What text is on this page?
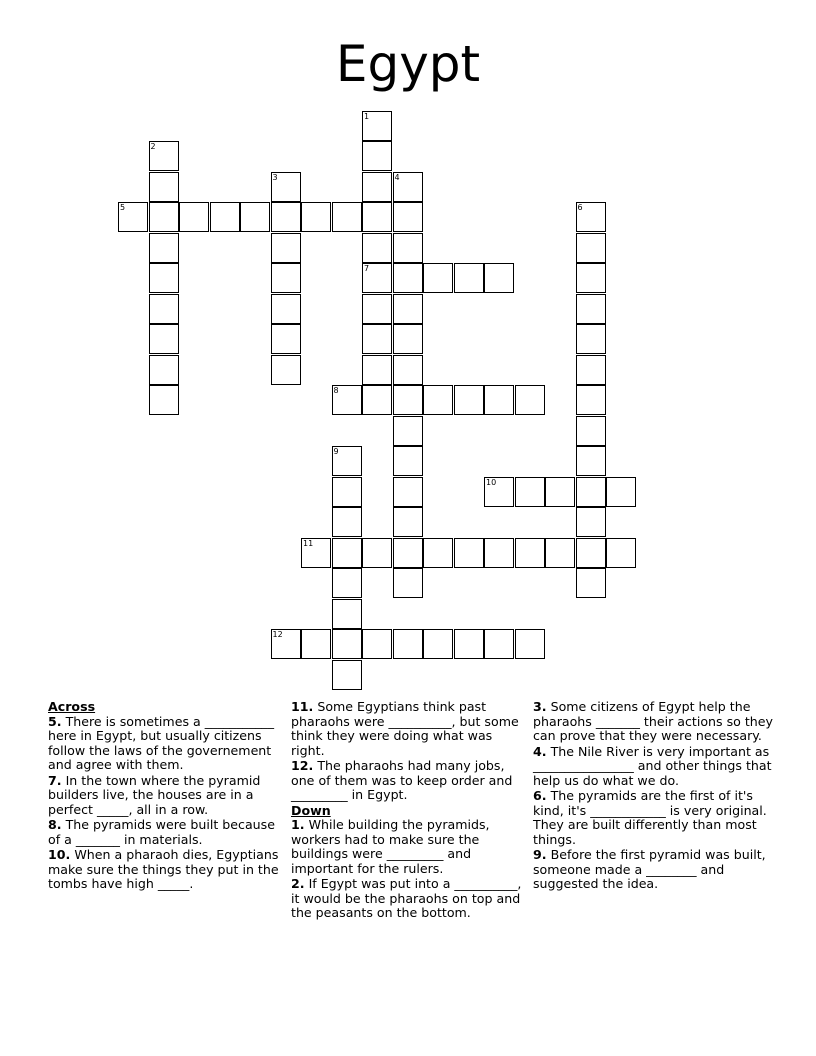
Egypt
1
7
2
3	4
5	6
8
9
10
11
12
Across
5. There is sometimes a ___________ here in Egypt, but usually citizens follow the laws of the governement and agree with them.
7. In the town where the pyramid builders live, the houses are in a perfect _____, all in a row.
8. The pyramids were built because of a _______ in materials.
10. When a pharaoh dies, Egyptians make sure the things they put in the tombs have high _____.
11. Some Egyptians think past pharaohs were __________, but some think they were doing what was right.
12. The pharaohs had many jobs, one of them was to keep order and _________ in Egypt.
Down
1. While building the pyramids, workers had to make sure the buildings were _________ and important for the rulers.
2. If Egypt was put into a __________, it would be the pharaohs on top and the peasants on the bottom.
3. Some citizens of Egypt help the pharaohs _______ their actions so they can prove that they were necessary.
4. The Nile River is very important as ________________ and other things that help us do what we do.
6. The pyramids are the first of it's kind, it's ____________ is very original. They are built differently than most things.
9. Before the first pyramid was built, someone made a ________ and suggested the idea.
